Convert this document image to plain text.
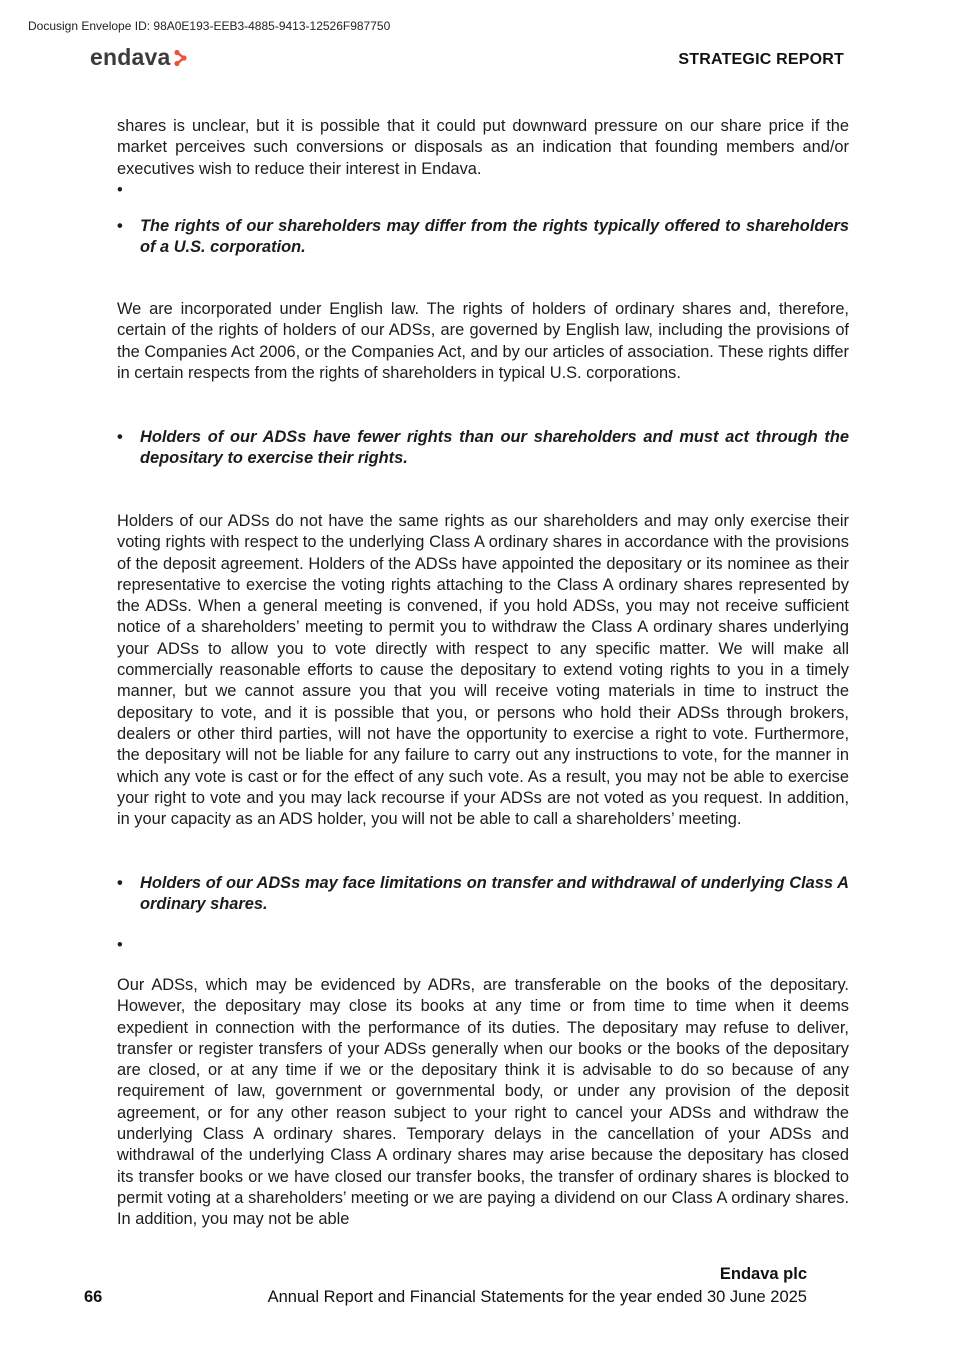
Docusign Envelope ID: 98A0E193-EEB3-4885-9413-12526F987750
endava	STRATEGIC REPORT
shares is unclear, but it is possible that it could put downward pressure on our share price if the market perceives such conversions or disposals as an indication that founding members and/or executives wish to reduce their interest in Endava.
•
•	The rights of our shareholders may differ from the rights typically offered to shareholders of a U.S. corporation.
We are incorporated under English law. The rights of holders of ordinary shares and, therefore, certain of the rights of holders of our ADSs, are governed by English law, including the provisions of the Companies Act 2006, or the Companies Act, and by our articles of association. These rights differ in certain respects from the rights of shareholders in typical U.S. corporations.
•	Holders of our ADSs have fewer rights than our shareholders and must act through the depositary to exercise their rights.
Holders of our ADSs do not have the same rights as our shareholders and may only exercise their voting rights with respect to the underlying Class A ordinary shares in accordance with the provisions of the deposit agreement. Holders of the ADSs have appointed the depositary or its nominee as their representative to exercise the voting rights attaching to the Class A ordinary shares represented by the ADSs. When a general meeting is convened, if you hold ADSs, you may not receive sufficient notice of a shareholders’ meeting to permit you to withdraw the Class A ordinary shares underlying your ADSs to allow you to vote directly with respect to any specific matter. We will make all commercially reasonable efforts to cause the depositary to extend voting rights to you in a timely manner, but we cannot assure you that you will receive voting materials in time to instruct the depositary to vote, and it is possible that you, or persons who hold their ADSs through brokers, dealers or other third parties, will not have the opportunity to exercise a right to vote. Furthermore, the depositary will not be liable for any failure to carry out any instructions to vote, for the manner in which any vote is cast or for the effect of any such vote. As a result, you may not be able to exercise your right to vote and you may lack recourse if your ADSs are not voted as you request. In addition, in your capacity as an ADS holder, you will not be able to call a shareholders’ meeting.
•	Holders of our ADSs may face limitations on transfer and withdrawal of underlying Class A ordinary shares.
•
Our ADSs, which may be evidenced by ADRs, are transferable on the books of the depositary. However, the depositary may close its books at any time or from time to time when it deems expedient in connection with the performance of its duties. The depositary may refuse to deliver, transfer or register transfers of your ADSs generally when our books or the books of the depositary are closed, or at any time if we or the depositary think it is advisable to do so because of any requirement of law, government or governmental body, or under any provision of the deposit agreement, or for any other reason subject to your right to cancel your ADSs and withdraw the underlying Class A ordinary shares. Temporary delays in the cancellation of your ADSs and withdrawal of the underlying Class A ordinary shares may arise because the depositary has closed its transfer books or we have closed our transfer books, the transfer of ordinary shares is blocked to permit voting at a shareholders’ meeting or we are paying a dividend on our Class A ordinary shares. In addition, you may not be able
Endava plc
66	Annual Report and Financial Statements for the year ended 30 June 2025
